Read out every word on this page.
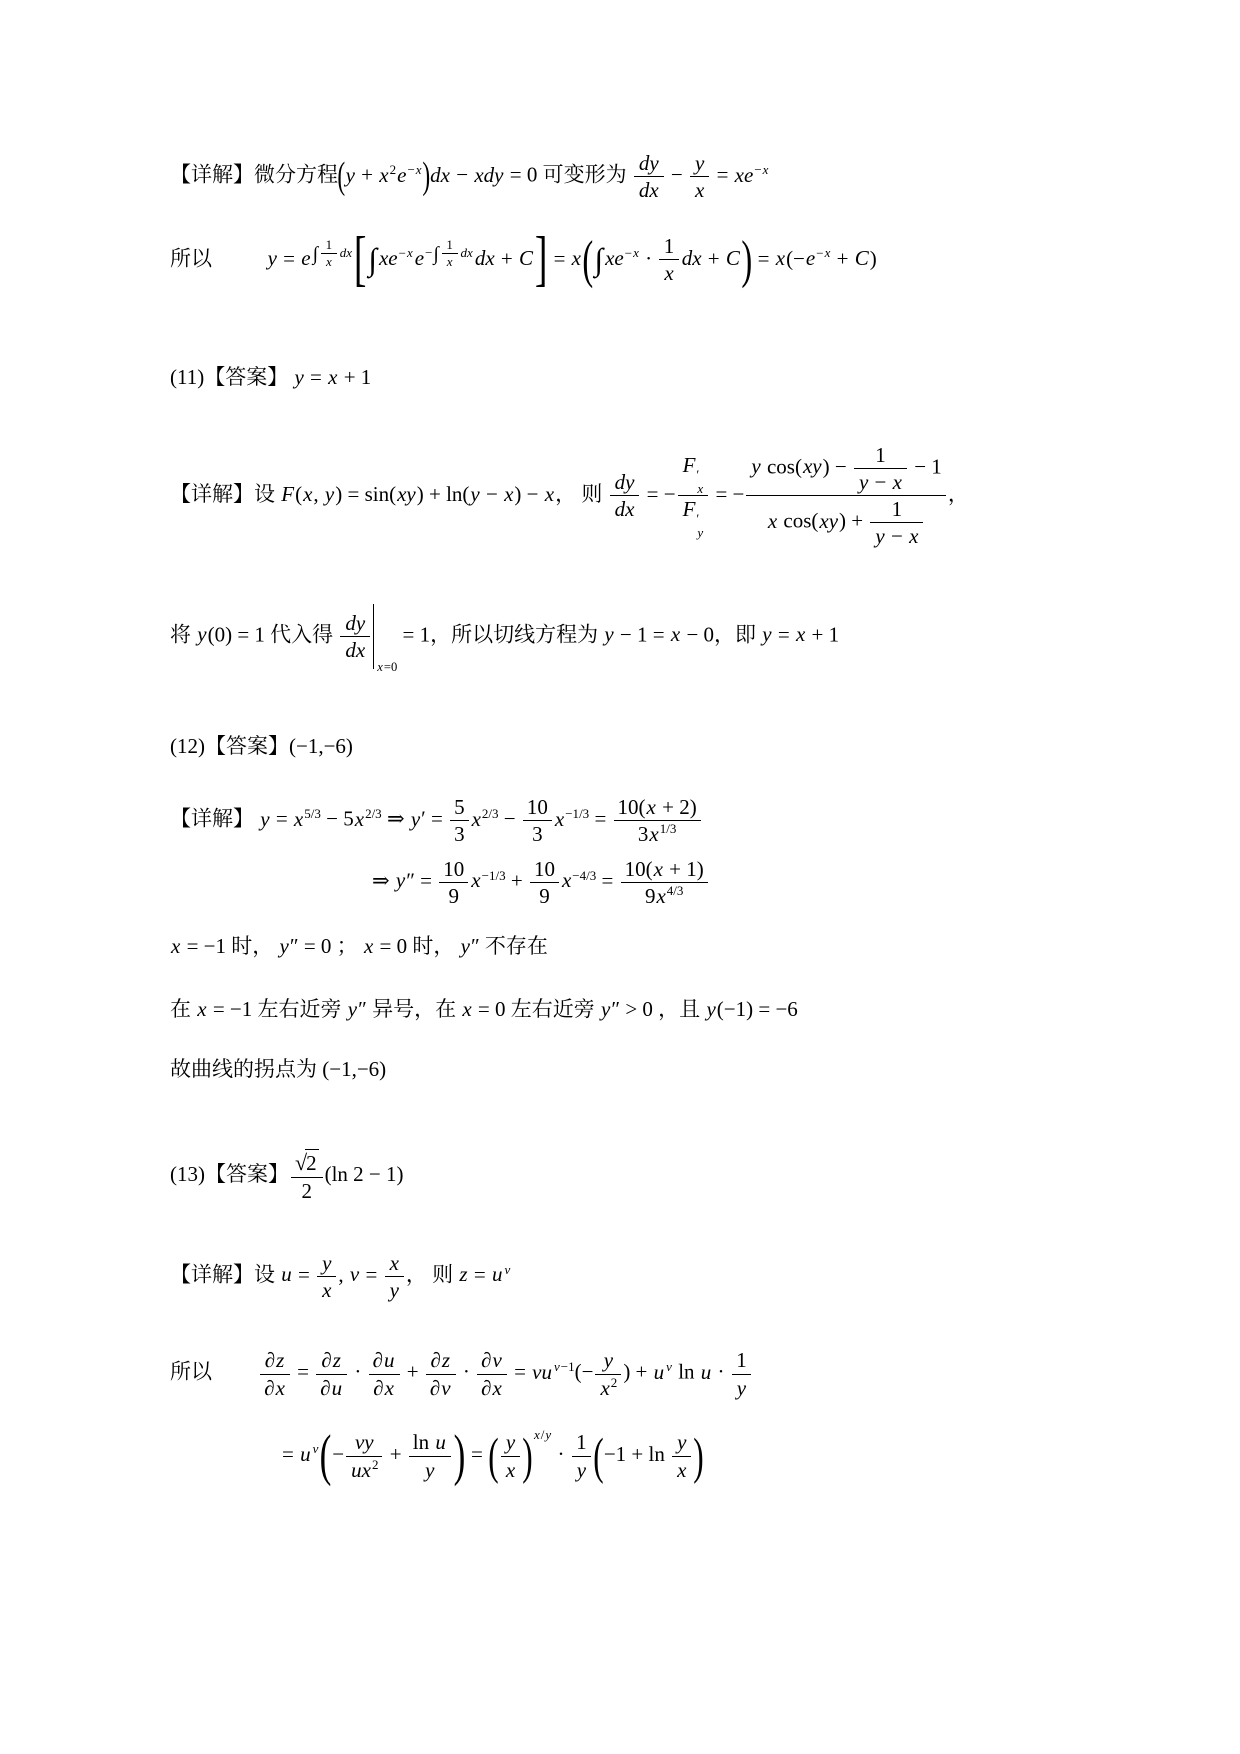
【详解】微分方程$(y + x^2e^{-x})dx$ − xdy = 0 可变形为 $\frac{dy}{dx} - \frac{y}{x} = xe^{-x}$
所以	y = e $^{\int \frac{1}{x} dx}[\int xe^{-x}e^{-\int \frac{1}{x} dx}dx + C] = x(\int xe^{-x} \cdot \frac{1}{x}$ dx + $C) = x(-e^{-x} + C)$
(11)【答案】 y = x + 1
【详解】设 F(x, y) = sin(xy) + ln(y − x) − x， 则 $\frac{dy}{dx}$ = − F ′
x
F ′
y = − $\frac{y \cos(xy) - \frac{1}{y - x} - 1}{x \cos(xy) + \frac{1}{y - x}}$ ，
将 y(0) = 1 代入得 $\frac{dy}{dx}$
x=0
= 1，所以切线方程为 y − 1 = x − 0，即 y = x + 1
(12)【答案】(−1,−6)
【详解】 $y = x^{5/3} - 5x^{2/3}$ ⇒ $y' = \frac{5}{3} x^{2/3} - \frac{10}{3} x^{-1/3} = \frac{10(x + 2)}{3x^{1/3}}$
⇒ $y'' = \frac{10}{9} x^{-1/3} + \frac{10}{9} x^{-4/3} = \frac{10(x + 1)}{9x^{4/3}}$
x = −1 时， y″ = 0 ； x = 0 时， y″ 不存在
在 x = −1 左右近旁 y″ 异号，在 x = 0 左右近旁 y″ > 0 ，且 y(−1) = −6
故曲线的拐点为 (−1,−6)
(13)【答案】 $\frac{√2}{2} (\ln$ 2 − 1)
【详解】设 $u = \frac{y}{x}$ , $v = \frac{x}{y}$ ， 则 z = u $^v$
所以 $\frac{\partial z}{\partial x} = \frac{\partial z}{\partial u} \cdot \frac{\partial u}{\partial x} + \frac{\partial z}{\partial v} \cdot \frac{\partial v}{\partial x}$ = vu $^{v-1}(- \frac{y}{x^2}$ ) + u $^v$ $\ln u \cdot \frac{1}{y}$
= u $^v(- \frac{vy}{ux^2} + \frac{\text{ln u}}{y}$ ) = ( $\frac{y}{x} )^{x/y} \cdot \frac{1}{y} (-1 + \ln \frac{y}{x}$ )
